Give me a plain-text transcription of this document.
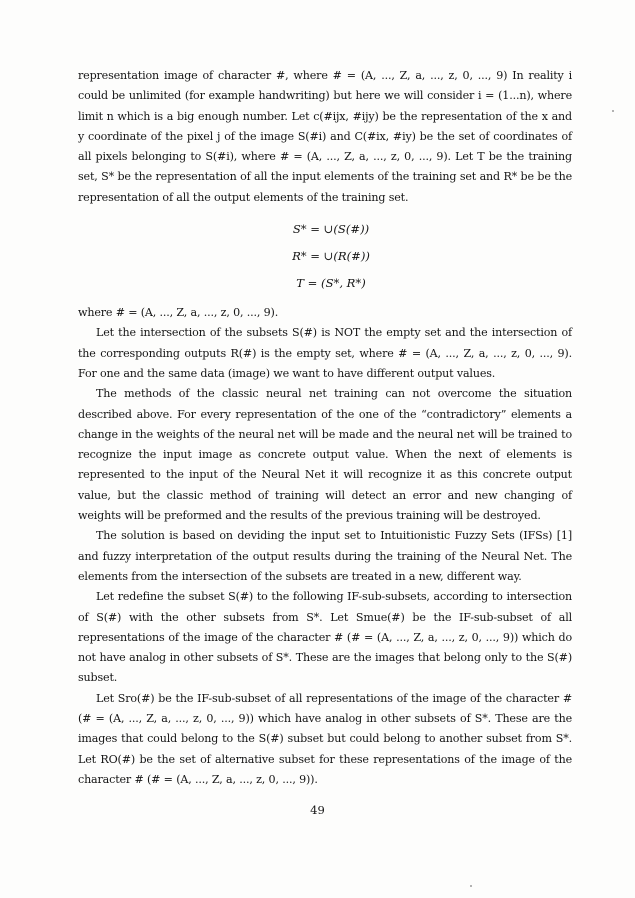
representation image of character #, where # = (A, ..., Z, a, ..., z, 0, ..., 9) In reality i could be unlimited (for example handwriting) but here we will consider i = (1...n), where limit n which is a big enough number. Let c(#ijx, #ijy) be the representation of the x and y coordinate of the pixel j of the image S(#i) and C(#ix, #iy) be the set of coordinates of all pixels belonging to S(#i), where # = (A, ..., Z, a, ..., z, 0, ..., 9). Let T be the training set, S* be the representation of all the input elements of the training set and R* be be the representation of all the output elements of the training set.

S* = ∪(S(#))
R* = ∪(R(#))
T = (S*, R*)

where # = (A, ..., Z, a, ..., z, 0, ..., 9).

Let the intersection of the subsets S(#) is NOT the empty set and the intersection of the corresponding outputs R(#) is the empty set, where # = (A, ..., Z, a, ..., z, 0, ..., 9). For one and the same data (image) we want to have different output values.

The methods of the classic neural net training can not overcome the situation described above. For every representation of the one of the “contradictory” elements a change in the weights of the neural net will be made and the neural net will be trained to recognize the input image as concrete output value. When the next of elements is represented to the input of the Neural Net it will recognize it as this concrete output value, but the classic method of training will detect an error and new changing of weights will be preformed and the results of the previous training will be destroyed.

The solution is based on deviding the input set to Intuitionistic Fuzzy Sets (IFSs) [1] and fuzzy interpretation of the output results during the training of the Neural Net. The elements from the intersection of the subsets are treated in a new, different way.

Let redefine the subset S(#) to the following IF-sub-subsets, according to intersection of S(#) with the other subsets from S*. Let Smue(#) be the IF-sub-subset of all representations of the image of the character # (# = (A, ..., Z, a, ..., z, 0, ..., 9)) which do not have analog in other subsets of S*. These are the images that belong only to the S(#) subset.

Let Sro(#) be the IF-sub-subset of all representations of the image of the character # (# = (A, ..., Z, a, ..., z, 0, ..., 9)) which have analog in other subsets of S*. These are the images that could belong to the S(#) subset but could belong to another subset from S*. Let RO(#) be the set of alternative subset for these representations of the image of the character # (# = (A, ..., Z, a, ..., z, 0, ..., 9)).

49
